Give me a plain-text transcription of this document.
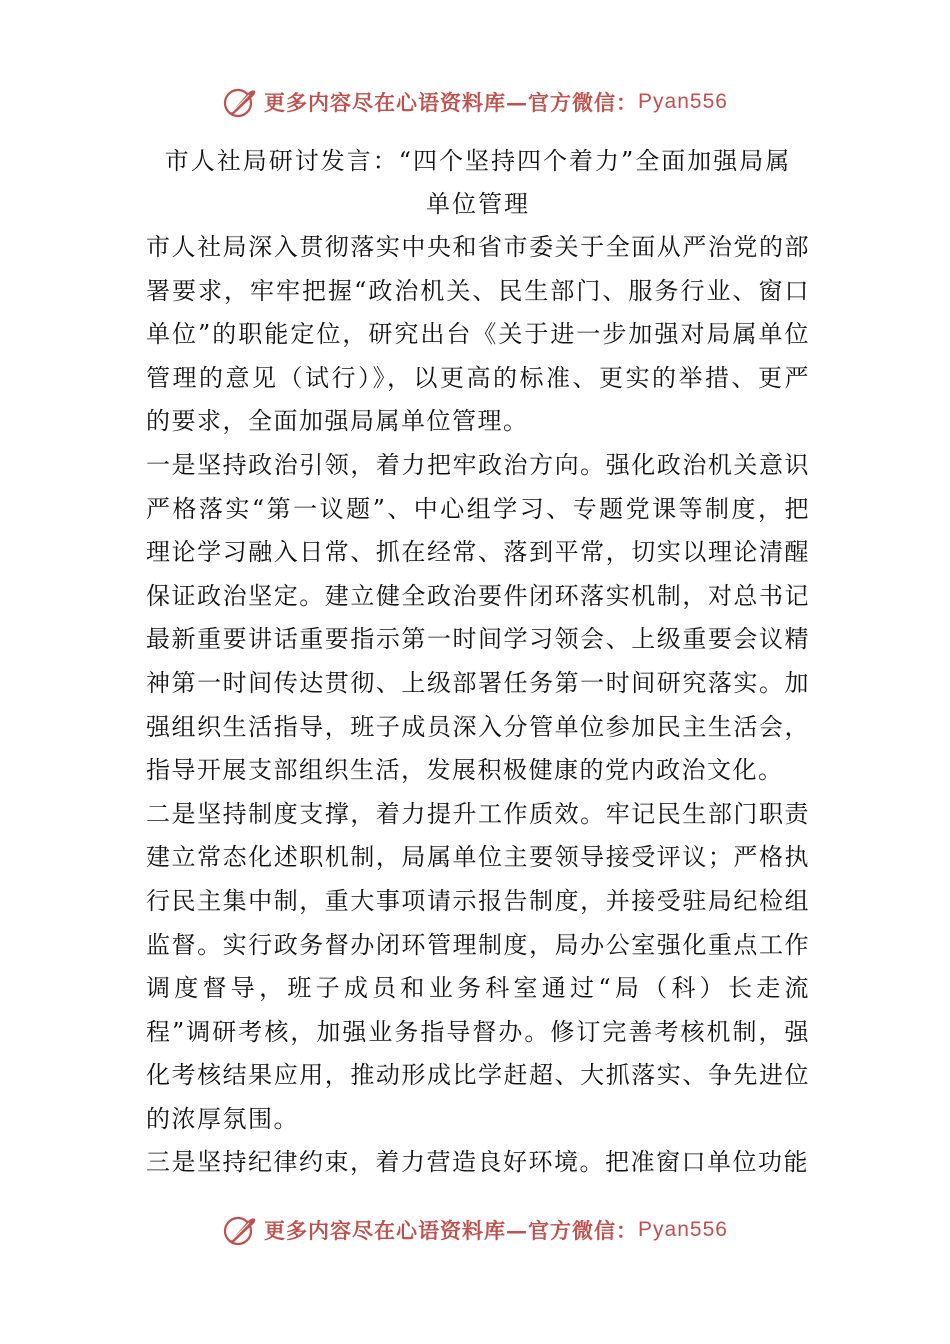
更多内容尽在心语资料库—官方微信： Pyan556
市人社局研讨发言：“四个坚持四个着力”全面加强局属
单位管理

市人社局深入贯彻落实中央和省市委关于全面从严治党的部署要求，牢牢把握“政治机关、民生部门、服务行业、窗口单位”的职能定位，研究出台《关于进一步加强对局属单位管理的意见（试行）》，以更高的标准、更实的举措、更严的要求，全面加强局属单位管理。

一是坚持政治引领，着力把牢政治方向。强化政治机关意识严格落实“第一议题”、中心组学习、专题党课等制度，把理论学习融入日常、抓在经常、落到平常，切实以理论清醒保证政治坚定。建立健全政治要件闭环落实机制，对总书记最新重要讲话重要指示第一时间学习领会、上级重要会议精神第一时间传达贯彻、上级部署任务第一时间研究落实。加强组织生活指导，班子成员深入分管单位参加民主生活会，指导开展支部组织生活，发展积极健康的党内政治文化。

二是坚持制度支撑，着力提升工作质效。牢记民生部门职责建立常态化述职机制，局属单位主要领导接受评议；严格执行民主集中制，重大事项请示报告制度，并接受驻局纪检组监督。实行政务督办闭环管理制度，局办公室强化重点工作调度督导，班子成员和业务科室通过“局（科）长走流程”调研考核，加强业务指导督办。修订完善考核机制，强化考核结果应用，推动形成比学赶超、大抓落实、争先进位的浓厚氛围。

三是坚持纪律约束，着力营造良好环境。把准窗口单位功能

更多内容尽在心语资料库—官方微信： Pyan556
